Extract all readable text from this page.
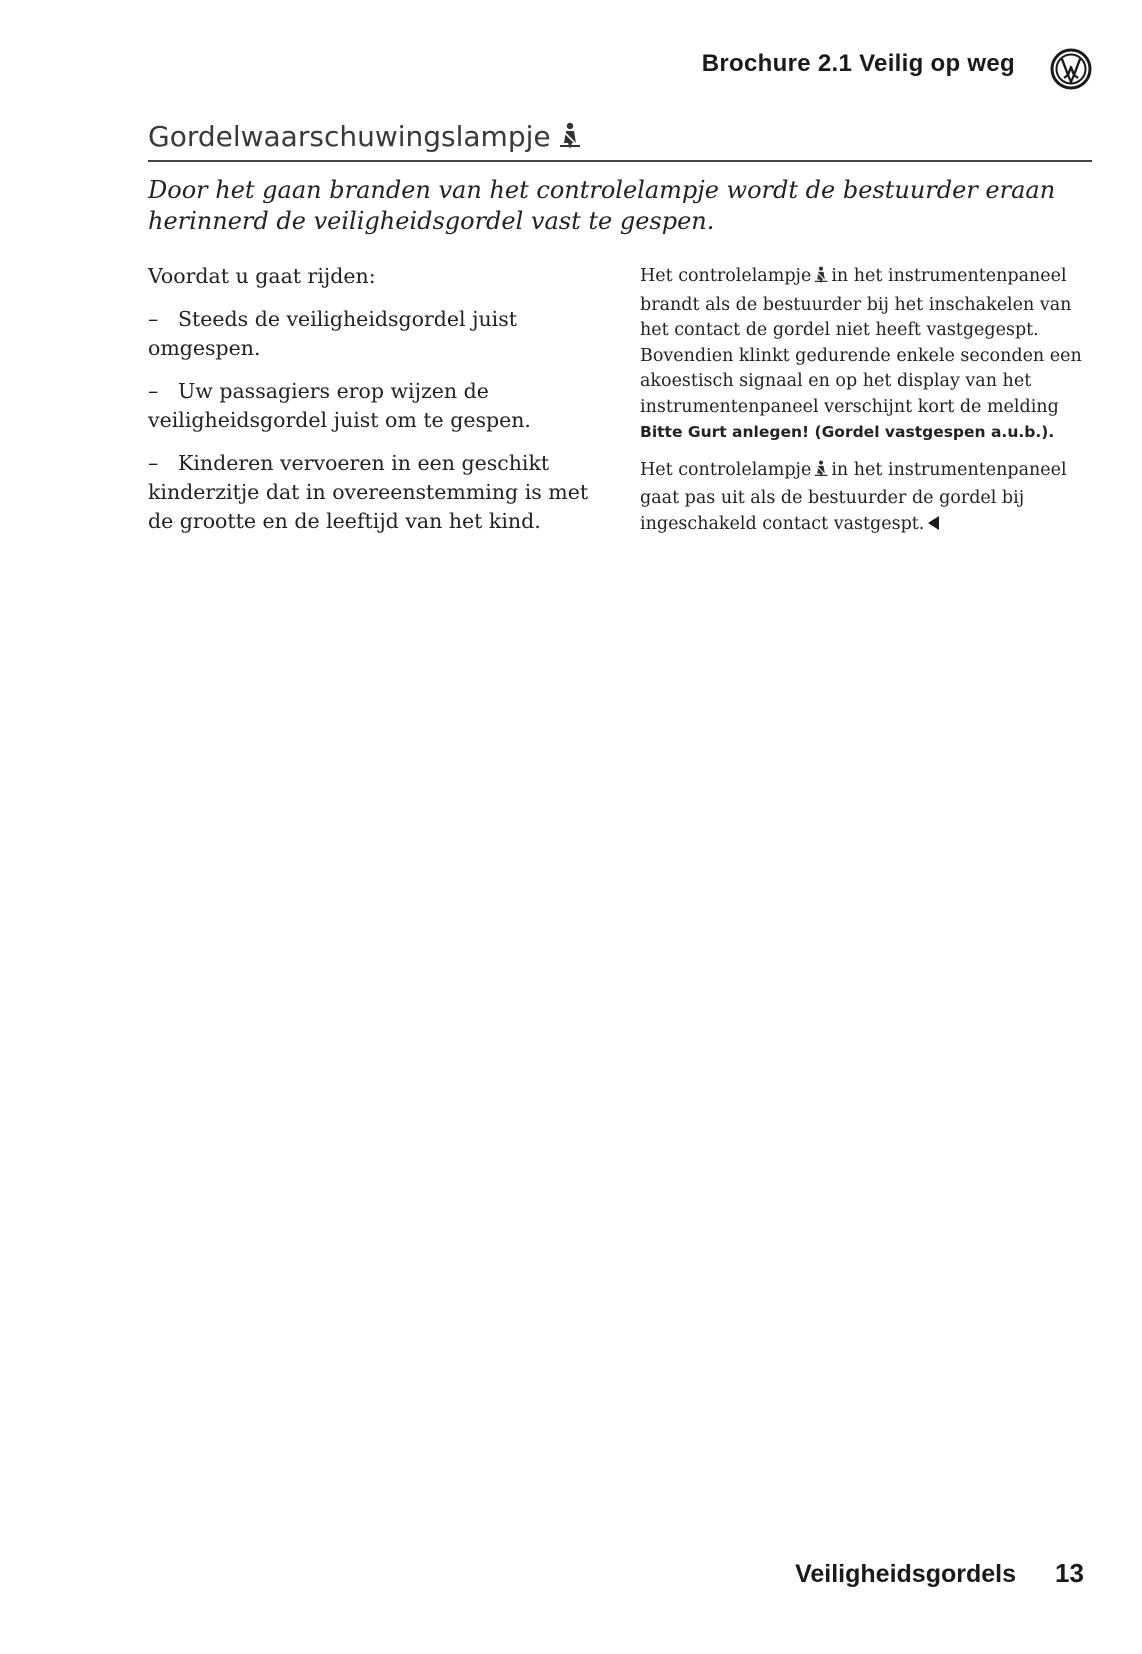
Brochure 2.1 Veilig op weg
Gordelwaarschuwingslampje
Door het gaan branden van het controlelampje wordt de bestuurder eraan herinnerd de veiligheidsgordel vast te gespen.

Voordat u gaat rijden:

– Steeds de veiligheidsgordel juist omgespen.

– Uw passagiers erop wijzen de veiligheidsgordel juist om te gespen.

– Kinderen vervoeren in een geschikt kinderzitje dat in overeenstemming is met de grootte en de leeftijd van het kind.

Het controlelampje in het instrumentenpaneel brandt als de bestuurder bij het inschakelen van het contact de gordel niet heeft vastgegespt. Bovendien klinkt gedurende enkele seconden een akoestisch signaal en op het display van het instrumentenpaneel verschijnt kort de melding Bitte Gurt anlegen! (Gordel vastgespen a.u.b.).

Het controlelampje in het instrumentenpaneel gaat pas uit als de bestuurder de gordel bij ingeschakeld contact vastgespt.

Veiligheidsgordels 13
